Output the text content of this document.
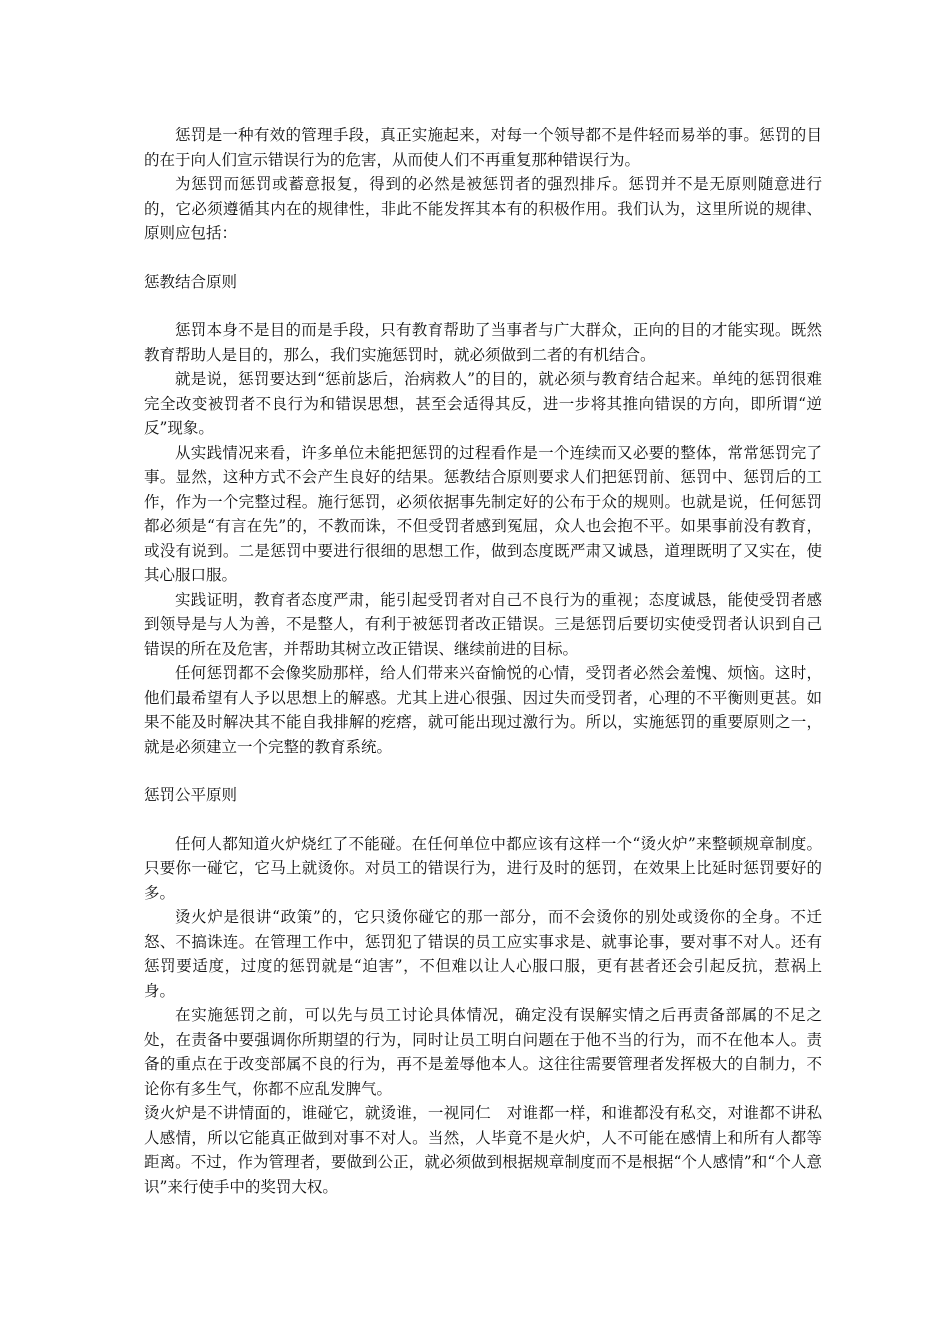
惩罚是一种有效的管理手段，真正实施起来，对每一个领导都不是件轻而易举的事。惩罚的目的在于向人们宣示错误行为的危害，从而使人们不再重复那种错误行为。

为惩罚而惩罚或蓄意报复，得到的必然是被惩罚者的强烈排斥。惩罚并不是无原则随意进行的，它必须遵循其内在的规律性，非此不能发挥其本有的积极作用。我们认为，这里所说的规律、原则应包括：

惩教结合原则

惩罚本身不是目的而是手段，只有教育帮助了当事者与广大群众，正向的目的才能实现。既然教育帮助人是目的，那么，我们实施惩罚时，就必须做到二者的有机结合。

就是说，惩罚要达到“惩前毖后，治病救人”的目的，就必须与教育结合起来。单纯的惩罚很难完全改变被罚者不良行为和错误思想，甚至会适得其反，进一步将其推向错误的方向，即所谓“逆反”现象。

从实践情况来看，许多单位未能把惩罚的过程看作是一个连续而又必要的整体，常常惩罚完了事。显然，这种方式不会产生良好的结果。惩教结合原则要求人们把惩罚前、惩罚中、惩罚后的工作，作为一个完整过程。施行惩罚，必须依据事先制定好的公布于众的规则。也就是说，任何惩罚都必须是“有言在先”的，不教而诛，不但受罚者感到冤屈，众人也会抱不平。如果事前没有教育，或没有说到。二是惩罚中要进行很细的思想工作，做到态度既严肃又诚恳，道理既明了又实在，使其心服口服。

实践证明，教育者态度严肃，能引起受罚者对自己不良行为的重视；态度诚恳，能使受罚者感到领导是与人为善，不是整人，有利于被惩罚者改正错误。三是惩罚后要切实使受罚者认识到自己错误的所在及危害，并帮助其树立改正错误、继续前进的目标。

任何惩罚都不会像奖励那样，给人们带来兴奋愉悦的心情，受罚者必然会羞愧、烦恼。这时，他们最希望有人予以思想上的解惑。尤其上进心很强、因过失而受罚者，心理的不平衡则更甚。如果不能及时解决其不能自我排解的疙瘩，就可能出现过激行为。所以，实施惩罚的重要原则之一，就是必须建立一个完整的教育系统。

惩罚公平原则

任何人都知道火炉烧红了不能碰。在任何单位中都应该有这样一个“烫火炉”来整顿规章制度。只要你一碰它，它马上就烫你。对员工的错误行为，进行及时的惩罚，在效果上比延时惩罚要好的多。

烫火炉是很讲“政策”的，它只烫你碰它的那一部分，而不会烫你的别处或烫你的全身。不迁怒、不搞诛连。在管理工作中，惩罚犯了错误的员工应实事求是、就事论事，要对事不对人。还有惩罚要适度，过度的惩罚就是“迫害”，不但难以让人心服口服，更有甚者还会引起反抗，惹祸上身。

在实施惩罚之前，可以先与员工讨论具体情况，确定没有误解实情之后再责备部属的不足之处，在责备中要强调你所期望的行为，同时让员工明白问题在于他不当的行为，而不在他本人。责备的重点在于改变部属不良的行为，再不是羞辱他本人。这往往需要管理者发挥极大的自制力，不论你有多生气，你都不应乱发脾气。

烫火炉是不讲情面的，谁碰它，就烫谁，一视同仁　对谁都一样，和谁都没有私交，对谁都不讲私人感情，所以它能真正做到对事不对人。当然，人毕竟不是火炉，人不可能在感情上和所有人都等距离。不过，作为管理者，要做到公正，就必须做到根据规章制度而不是根据“个人感情”和“个人意识”来行使手中的奖罚大权。
